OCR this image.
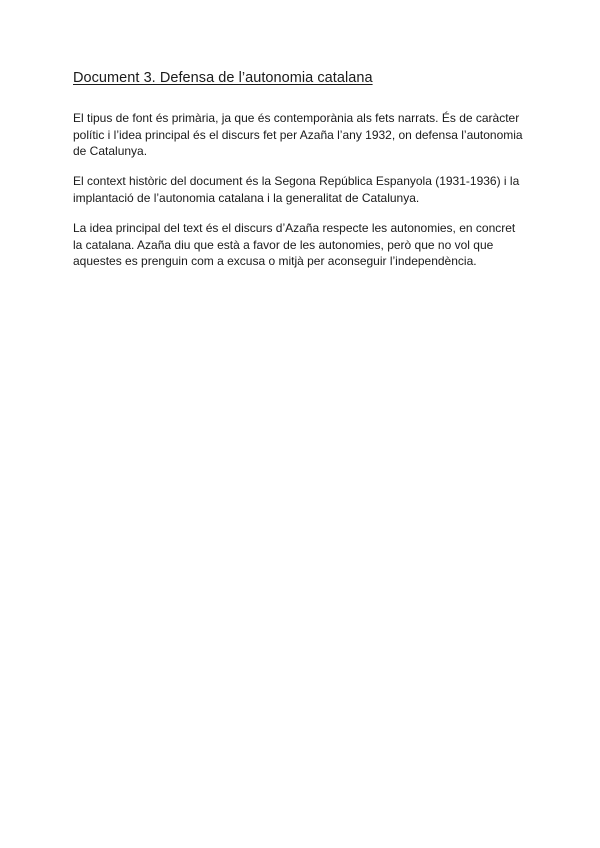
Document 3. Defensa de l’autonomia catalana

El tipus de font és primària, ja que és contemporània als fets narrats. És de caràcter
polític i l’idea principal és el discurs fet per Azaña l’any 1932, on defensa l’autonomia
de Catalunya.

El context històric del document és la Segona República Espanyola (1931-1936) i la
implantació de l’autonomia catalana i la generalitat de Catalunya.

La idea principal del text és el discurs d’Azaña respecte les autonomies, en concret
la catalana. Azaña diu que està a favor de les autonomies, però que no vol que
aquestes es prenguin com a excusa o mitjà per aconseguir l’independència.
